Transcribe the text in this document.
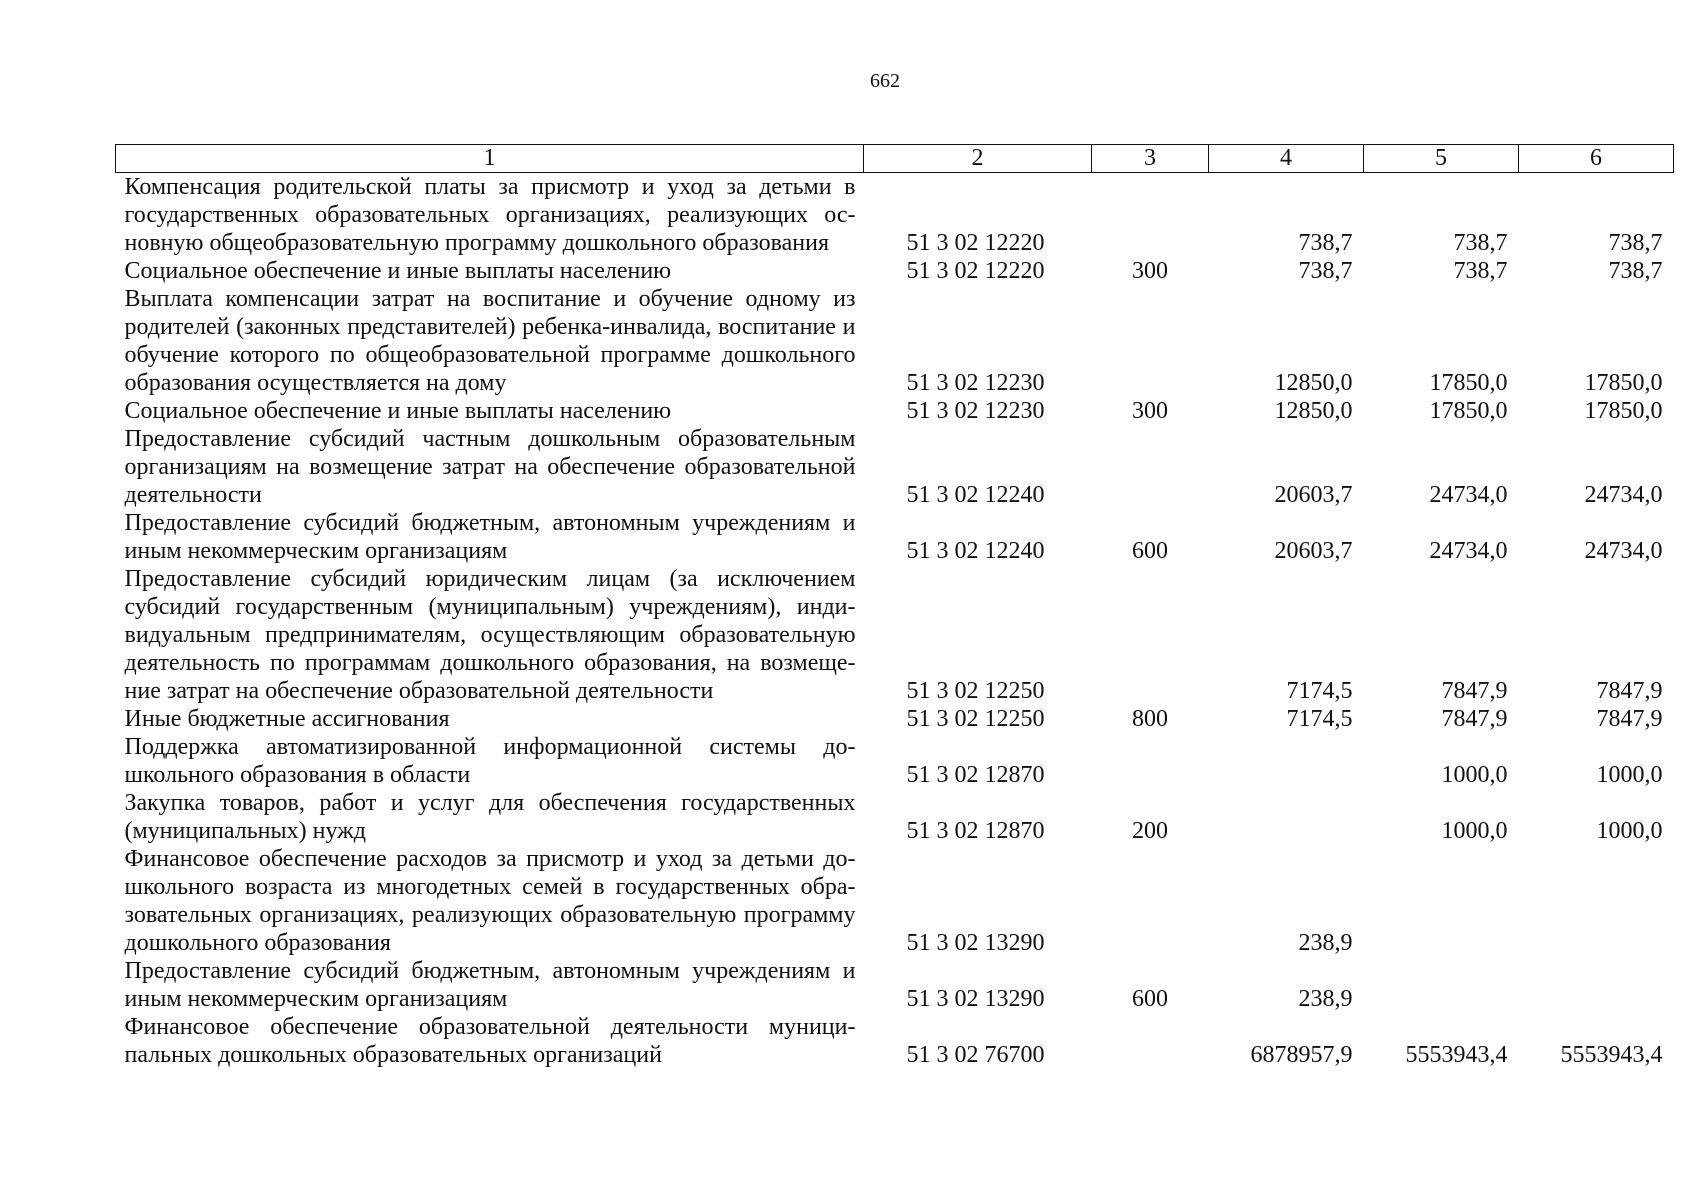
662
1	2	3	4	5	6
Компенсация родительской платы за присмотр и уход за детьми в государственных образовательных организациях, реализующих основную общеобразовательную программу дошкольного образования	51 3 02 12220		738,7	738,7	738,7
Социальное обеспечение и иные выплаты населению	51 3 02 12220	300	738,7	738,7	738,7
Выплата компенсации затрат на воспитание и обучение одному из родителей (законных представителей) ребенка-инвалида, воспитание и обучение которого по общеобразовательной программе дошкольного образования осуществляется на дому	51 3 02 12230		12850,0	17850,0	17850,0
Социальное обеспечение и иные выплаты населению	51 3 02 12230	300	12850,0	17850,0	17850,0
Предоставление субсидий частным дошкольным образовательным организациям на возмещение затрат на обеспечение образовательной деятельности	51 3 02 12240		20603,7	24734,0	24734,0
Предоставление субсидий бюджетным, автономным учреждениям и иным некоммерческим организациям	51 3 02 12240	600	20603,7	24734,0	24734,0
Предоставление субсидий юридическим лицам (за исключением субсидий государственным (муниципальным) учреждениям), индивидуальным предпринимателям, осуществляющим образовательную деятельность по программам дошкольного образования, на возмещение затрат на обеспечение образовательной деятельности	51 3 02 12250		7174,5	7847,9	7847,9
Иные бюджетные ассигнования	51 3 02 12250	800	7174,5	7847,9	7847,9
Поддержка автоматизированной информационной системы дошкольного образования в области	51 3 02 12870			1000,0	1000,0
Закупка товаров, работ и услуг для обеспечения государственных (муниципальных) нужд	51 3 02 12870	200		1000,0	1000,0
Финансовое обеспечение расходов за присмотр и уход за детьми дошкольного возраста из многодетных семей в государственных образовательных организациях, реализующих образовательную программу дошкольного образования	51 3 02 13290		238,9		
Предоставление субсидий бюджетным, автономным учреждениям и иным некоммерческим организациям	51 3 02 13290	600	238,9		
Финансовое обеспечение образовательной деятельности муниципальных дошкольных образовательных организаций	51 3 02 76700		6878957,9	5553943,4	5553943,4
